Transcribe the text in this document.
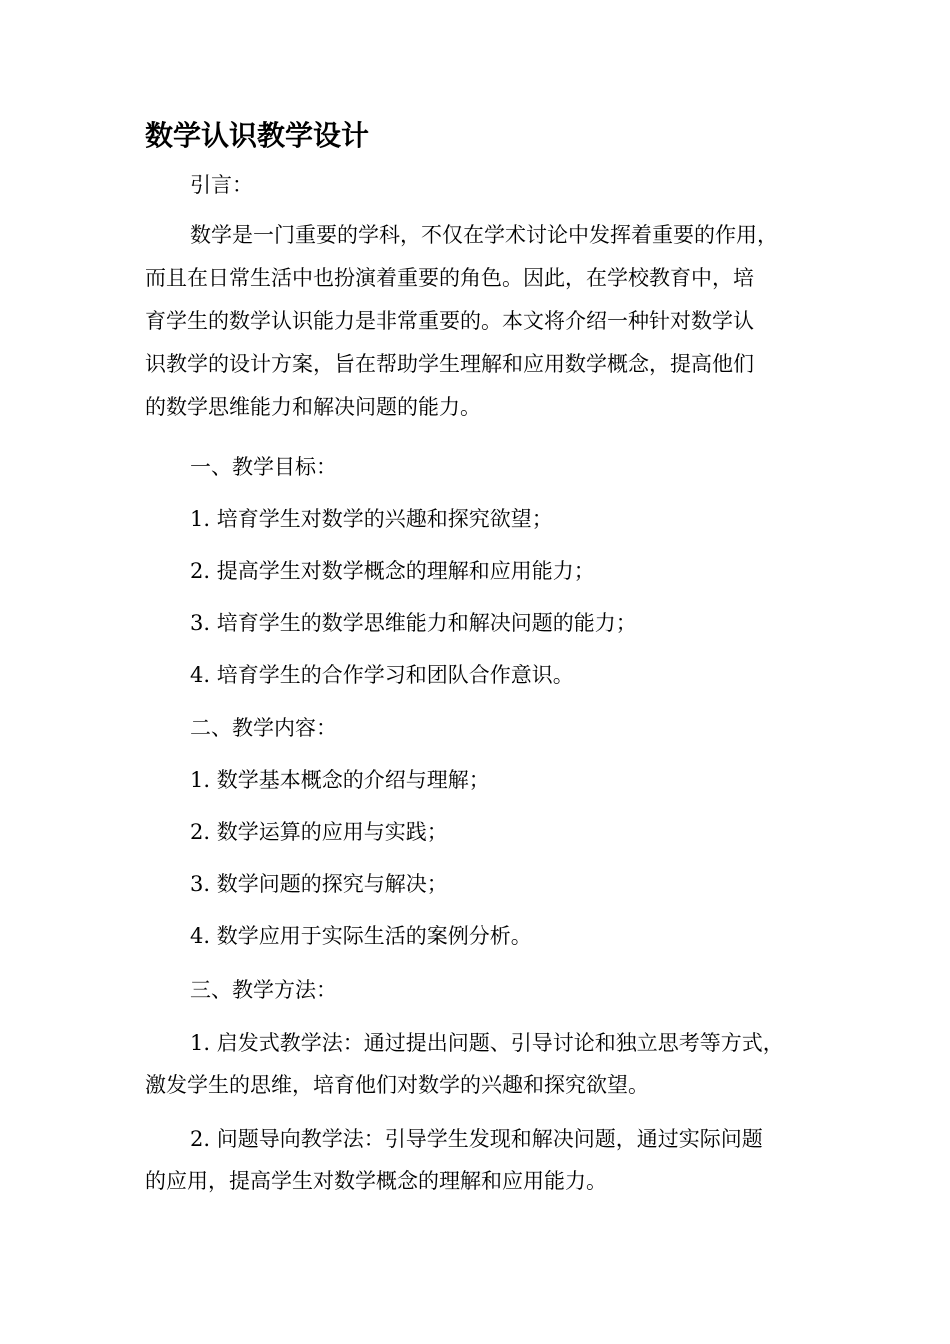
数学认识教学设计
引言：
数学是一门重要的学科，不仅在学术讨论中发挥着重要的作用，
而且在日常生活中也扮演着重要的角色。因此，在学校教育中，培
育学生的数学认识能力是非常重要的。本文将介绍一种针对数学认
识教学的设计方案，旨在帮助学生理解和应用数学概念，提高他们
的数学思维能力和解决问题的能力。
一、教学目标：
1. 培育学生对数学的兴趣和探究欲望；
2. 提高学生对数学概念的理解和应用能力；
3. 培育学生的数学思维能力和解决问题的能力；
4. 培育学生的合作学习和团队合作意识。
二、教学内容：
1. 数学基本概念的介绍与理解；
2. 数学运算的应用与实践；
3. 数学问题的探究与解决；
4. 数学应用于实际生活的案例分析。
三、教学方法：
1. 启发式教学法：通过提出问题、引导讨论和独立思考等方式，
激发学生的思维，培育他们对数学的兴趣和探究欲望。
2. 问题导向教学法：引导学生发现和解决问题，通过实际问题
的应用，提高学生对数学概念的理解和应用能力。
